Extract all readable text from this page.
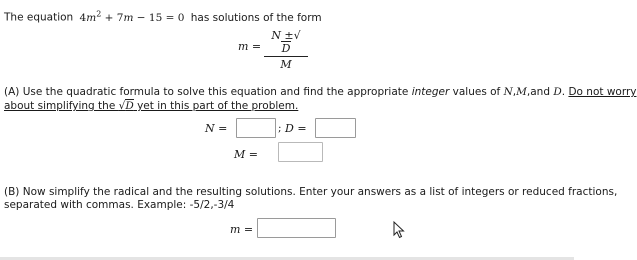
The equation $4m^2 + 7m - 15 = 0$ has solutions of the form
m =
N ±√D
M
(A) Use the quadratic formula to solve this equation and find the appropriate integer values of N,M,and D. Do not worry
about simplifying the √D yet in this part of the problem.
N =	; D =
M =
(B) Now simplify the radical and the resulting solutions. Enter your answers as a list of integers or reduced fractions,
separated with commas. Example: -5/2,-3/4
m =
